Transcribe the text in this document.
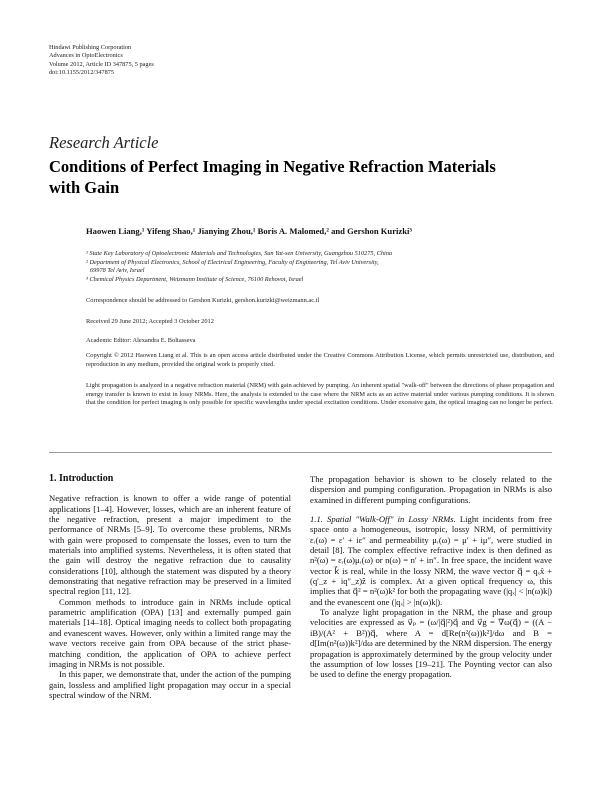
Hindawi Publishing Corporation
Advances in OptoElectronics
Volume 2012, Article ID 347875, 5 pages
doi:10.1155/2012/347875
Research Article
Conditions of Perfect Imaging in Negative Refraction Materials with Gain
Haowen Liang,¹ Yifeng Shao,¹ Jianying Zhou,¹ Boris A. Malomed,² and Gershon Kurizki³
¹ State Key Laboratory of Optoelectronic Materials and Technologies, Sun Yat-sen University, Guangzhou 510275, China
² Department of Physical Electronics, School of Electrical Engineering, Faculty of Engineering, Tel Aviv University,
69978 Tel Aviv, Israel
³ Chemical Physics Department, Weizmann Institute of Science, 76100 Rehovot, Israel
Correspondence should be addressed to Gershon Kurizki, gershon.kurizki@weizmann.ac.il
Received 29 June 2012; Accepted 3 October 2012
Academic Editor: Alexandra E. Boltasseva
Copyright © 2012 Haowen Liang et al. This is an open access article distributed under the Creative Commons Attribution License, which permits unrestricted use, distribution, and reproduction in any medium, provided the original work is properly cited.
Light propagation is analyzed in a negative refraction material (NRM) with gain achieved by pumping. An inherent spatial "walk-off" between the directions of phase propagation and energy transfer is known to exist in lossy NRMs. Here, the analysis is extended to the case where the NRM acts as an active material under various pumping conditions. It is shown that the condition for perfect imaging is only possible for specific wavelengths under special excitation conditions. Under excessive gain, the optical imaging can no longer be perfect.
1. Introduction

Negative refraction is known to offer a wide range of potential applications [1–4]. However, losses, which are an inherent feature of the negative refraction, present a major impediment to the performance of NRMs [5–9]. To overcome these problems, NRMs with gain were proposed to compensate the losses, even to turn the materials into amplified systems. Nevertheless, it is often stated that the gain will destroy the negative refraction due to causality considerations [10], although the statement was disputed by a theory demonstrating that negative refraction may be preserved in a limited spectral region [11, 12].

Common methods to introduce gain in NRMs include optical parametric amplification (OPA) [13] and externally pumped gain materials [14–18]. Optical imaging needs to collect both propagating and evanescent waves. However, only within a limited range may the wave vectors receive gain from OPA because of the strict phase-matching condition, the application of OPA to achieve perfect imaging in NRMs is not possible.

In this paper, we demonstrate that, under the action of the pumping gain, lossless and amplified light propagation may occur in a special spectral window of the NRM.

The propagation behavior is shown to be closely related to the dispersion and pumping configuration. Propagation in NRMs is also examined in different pumping configurations.

1.1. Spatial "Walk-Off" in Lossy NRMs. Light incidents from free space onto a homogeneous, isotropic, lossy NRM, of permittivity εᵣ(ω) = ε′ + iε″ and permeability μᵣ(ω) = μ′ + iμ″, were studied in detail [8]. The complex effective refractive index is then defined as n²(ω) = εᵣ(ω)μᵣ(ω) or n(ω) = n′ + in″. In free space, the incident wave vector k⃗ is real, while in the lossy NRM, the wave vector q⃗ = qₓx̂ + (q′_z + iq″_z)ẑ is complex. At a given optical frequency ω, this implies that q⃗² = n²(ω)k² for both the propagating wave (|qₓ| < |n(ω)k|) and the evanescent one (|qₓ| > |n(ω)k|).

To analyze light propagation in the NRM, the phase and group velocities are expressed as v⃗ₚ = (ω/|q⃗|²)q⃗ and v⃗g = ∇ω(q⃗) = ((A − iB)/(A² + B²))q⃗, where A = d[Re(n²(ω))k²]/dω and B = d[Im(n²(ω))k²]/dω are determined by the NRM dispersion. The energy propagation is approximately determined by the group velocity under the assumption of low losses [19–21]. The Poynting vector can also be used to define the energy propagation.
